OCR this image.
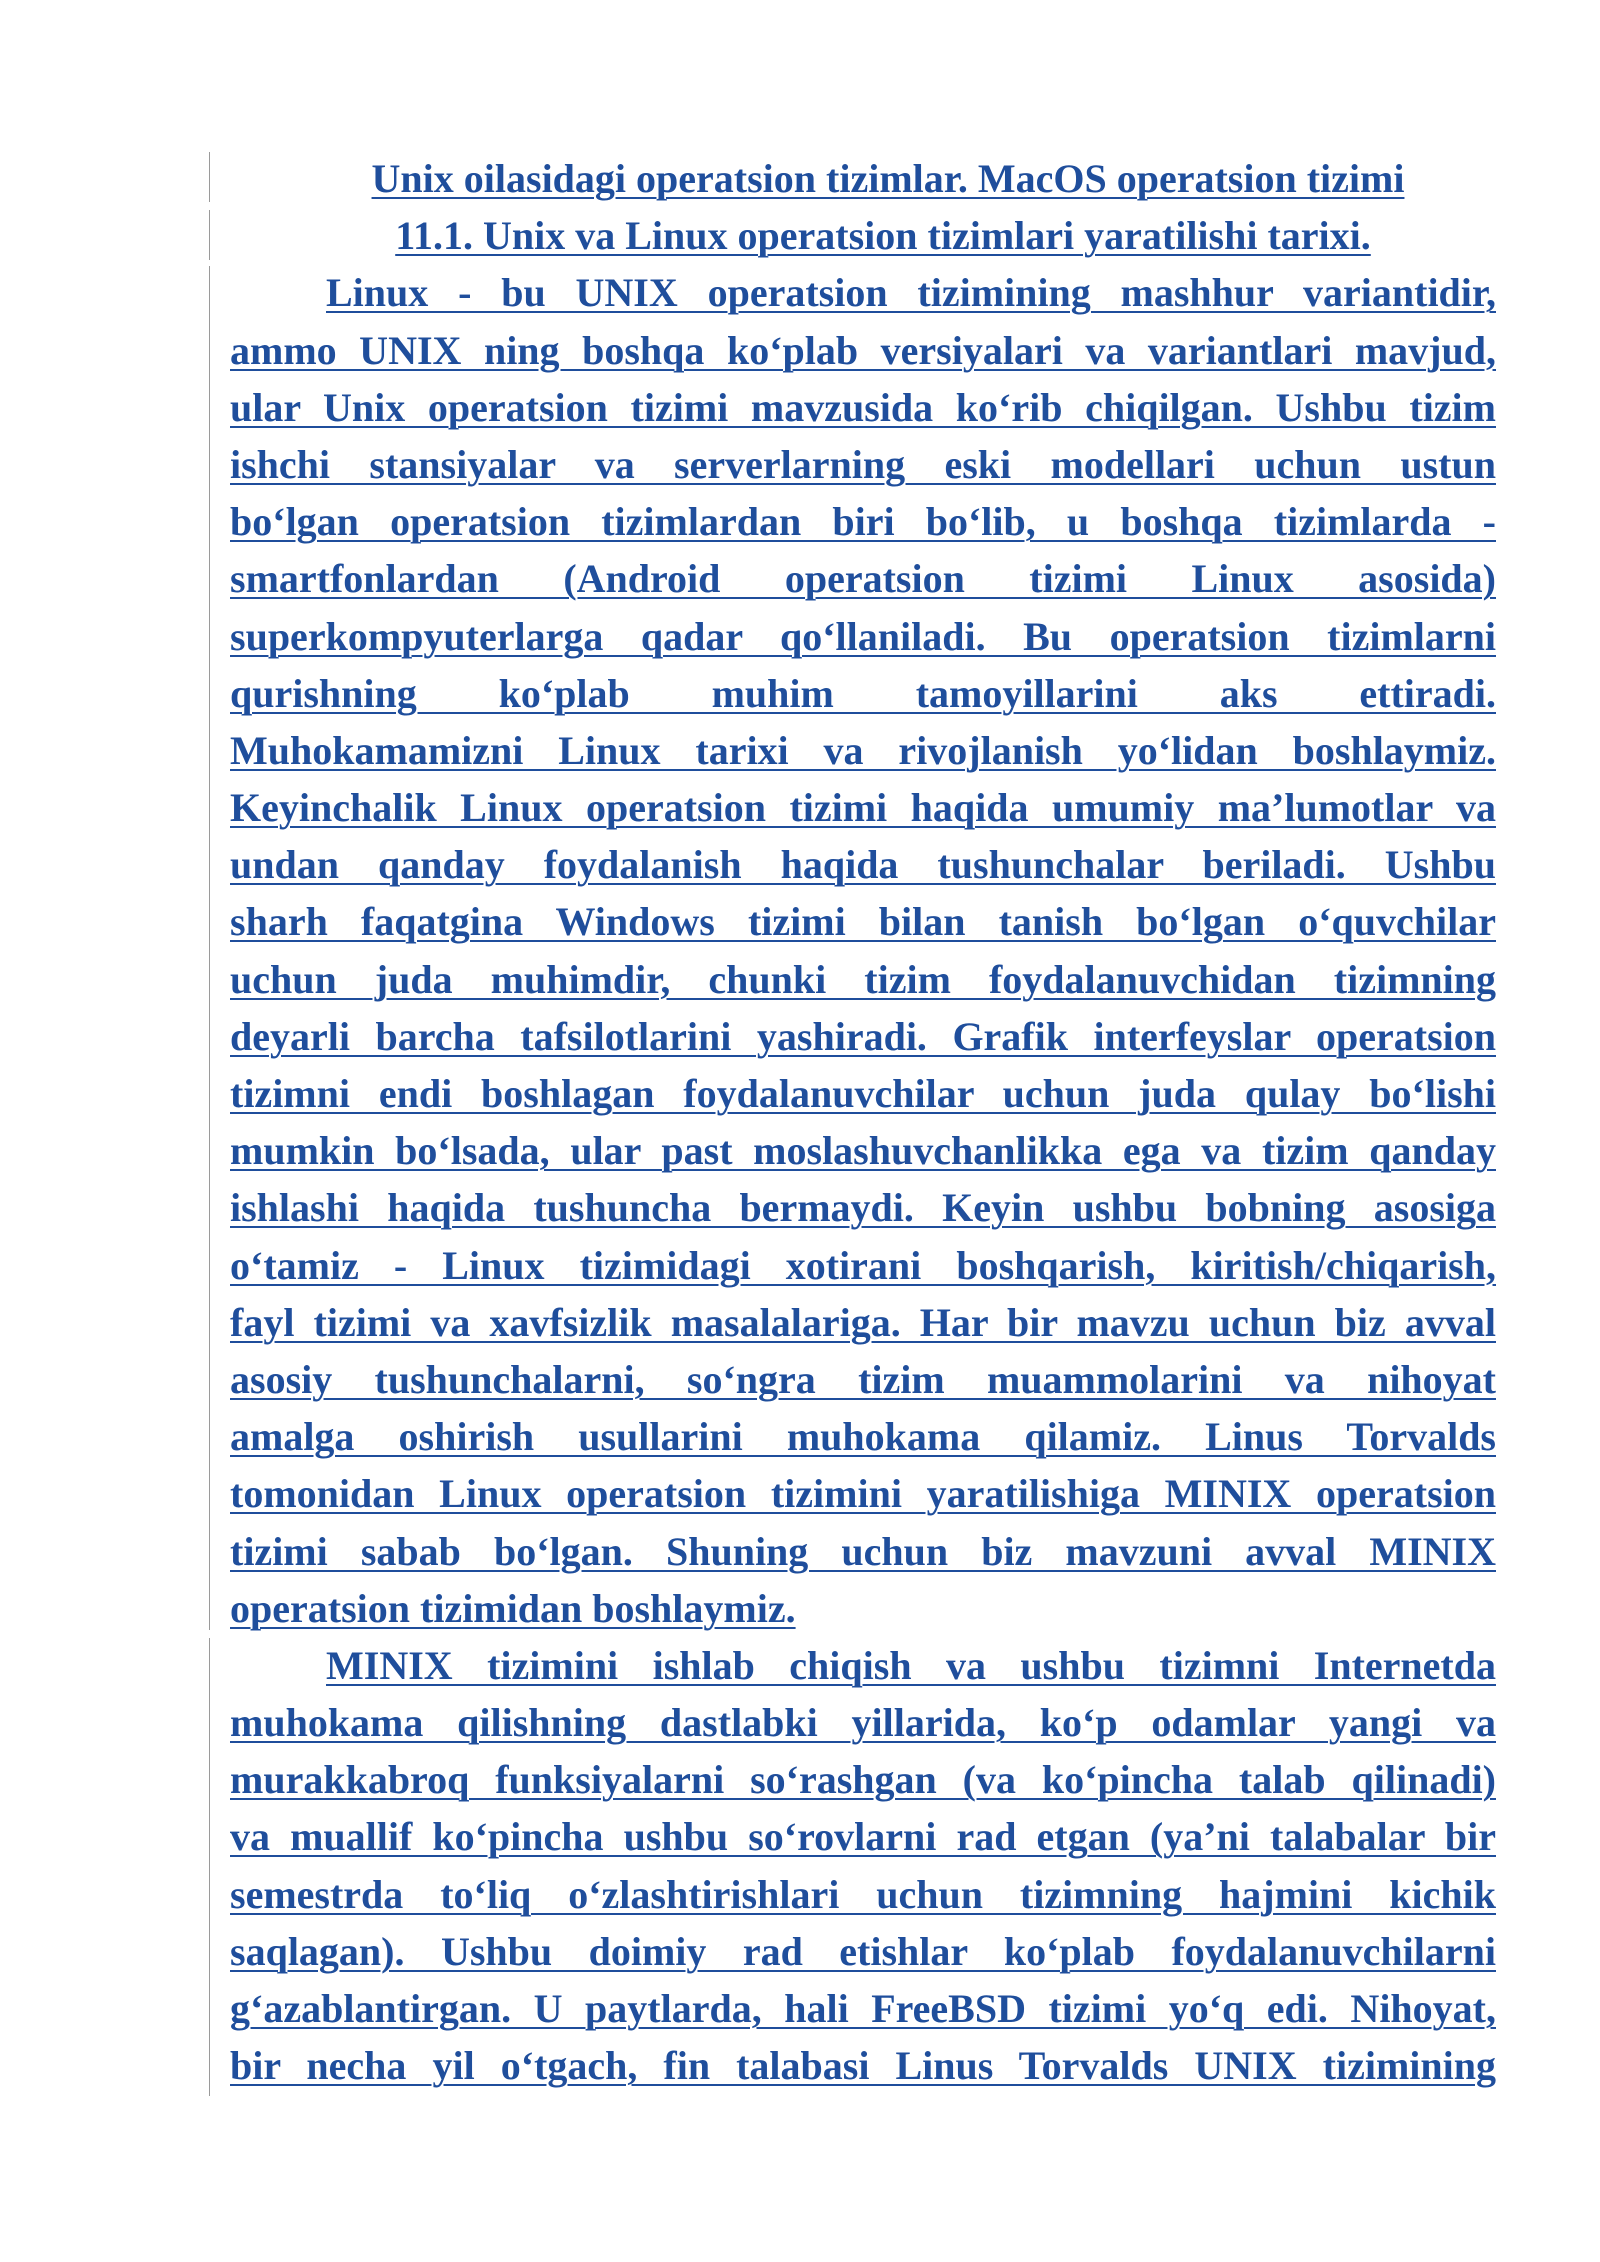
Unix oilasidagi operatsion tizimlar. MacOS operatsion tizimi
11.1. Unix va Linux operatsion tizimlari yaratilishi tarixi.
Linux - bu UNIX operatsion tizimining mashhur variantidir,
ammo UNIX ning boshqa ko‘plab versiyalari va variantlari mavjud,
ular Unix operatsion tizimi mavzusida ko‘rib chiqilgan. Ushbu tizim
ishchi stansiyalar va serverlarning eski modellari uchun ustun
bo‘lgan operatsion tizimlardan biri bo‘lib, u boshqa tizimlarda -
smartfonlardan (Android operatsion tizimi Linux asosida)
superkompyuterlarga qadar qo‘llaniladi. Bu operatsion tizimlarni
qurishning ko‘plab muhim tamoyillarini aks ettiradi.
Muhokamamizni Linux tarixi va rivojlanish yo‘lidan boshlaymiz.
Keyinchalik Linux operatsion tizimi haqida umumiy ma’lumotlar va
undan qanday foydalanish haqida tushunchalar beriladi. Ushbu
sharh faqatgina Windows tizimi bilan tanish bo‘lgan o‘quvchilar
uchun juda muhimdir, chunki tizim foydalanuvchidan tizimning
deyarli barcha tafsilotlarini yashiradi. Grafik interfeyslar operatsion
tizimni endi boshlagan foydalanuvchilar uchun juda qulay bo‘lishi
mumkin bo‘lsada, ular past moslashuvchanlikka ega va tizim qanday
ishlashi haqida tushuncha bermaydi. Keyin ushbu bobning asosiga
o‘tamiz - Linux tizimidagi xotirani boshqarish, kiritish/chiqarish,
fayl tizimi va xavfsizlik masalalariga. Har bir mavzu uchun biz avval
asosiy tushunchalarni, so‘ngra tizim muammolarini va nihoyat
amalga oshirish usullarini muhokama qilamiz. Linus Torvalds
tomonidan Linux operatsion tizimini yaratilishiga MINIX operatsion
tizimi sabab bo‘lgan. Shuning uchun biz mavzuni avval MINIX
operatsion tizimidan boshlaymiz.
MINIX tizimini ishlab chiqish va ushbu tizimni Internetda
muhokama qilishning dastlabki yillarida, ko‘p odamlar yangi va
murakkabroq funksiyalarni so‘rashgan (va ko‘pincha talab qilinadi)
va muallif ko‘pincha ushbu so‘rovlarni rad etgan (ya’ni talabalar bir
semestrda to‘liq o‘zlashtirishlari uchun tizimning hajmini kichik
saqlagan). Ushbu doimiy rad etishlar ko‘plab foydalanuvchilarni
g‘azablantirgan. U paytlarda, hali FreeBSD tizimi yo‘q edi. Nihoyat,
bir necha yil o‘tgach, fin talabasi Linus Torvalds UNIX tizimining
